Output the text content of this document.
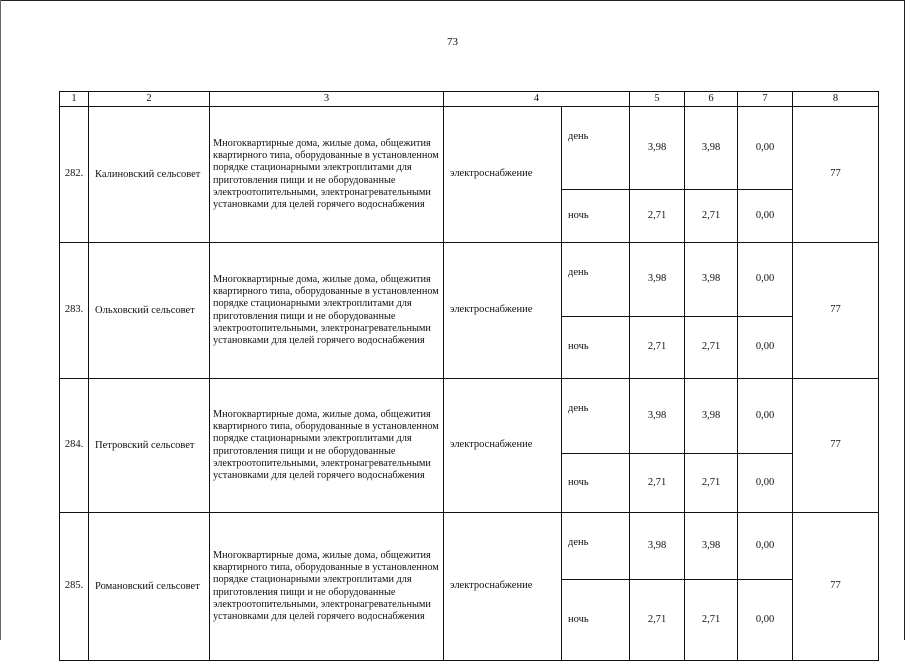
73
1	2	3	4		5	6	7	8
282.	Калиновский сельсовет	Многоквартирные дома, жилые дома, общежития квартирного типа, оборудованные в установленном порядке стационарными электроплитами для приготовления пищи и не оборудованные электроотопительными, электронагревательными установками для целей горячего водоснабжения	электроснабжение	день	3,98	3,98	0,00	77
				ночь	2,71	2,71	0,00	
283.	Ольховский сельсовет	Многоквартирные дома, жилые дома, общежития квартирного типа, оборудованные в установленном порядке стационарными электроплитами для приготовления пищи и не оборудованные электроотопительными, электронагревательными установками для целей горячего водоснабжения	электроснабжение	день	3,98	3,98	0,00	77
				ночь	2,71	2,71	0,00	
284.	Петровский сельсовет	Многоквартирные дома, жилые дома, общежития квартирного типа, оборудованные в установленном порядке стационарными электроплитами для приготовления пищи и не оборудованные электроотопительными, электронагревательными установками для целей горячего водоснабжения	электроснабжение	день	3,98	3,98	0,00	77
				ночь	2,71	2,71	0,00	
285.	Романовский сельсовет	Многоквартирные дома, жилые дома, общежития квартирного типа, оборудованные в установленном порядке стационарными электроплитами для приготовления пищи и не оборудованные электроотопительными, электронагревательными установками для целей горячего водоснабжения	электроснабжение	день	3,98	3,98	0,00	77
				ночь	2,71	2,71	0,00	
